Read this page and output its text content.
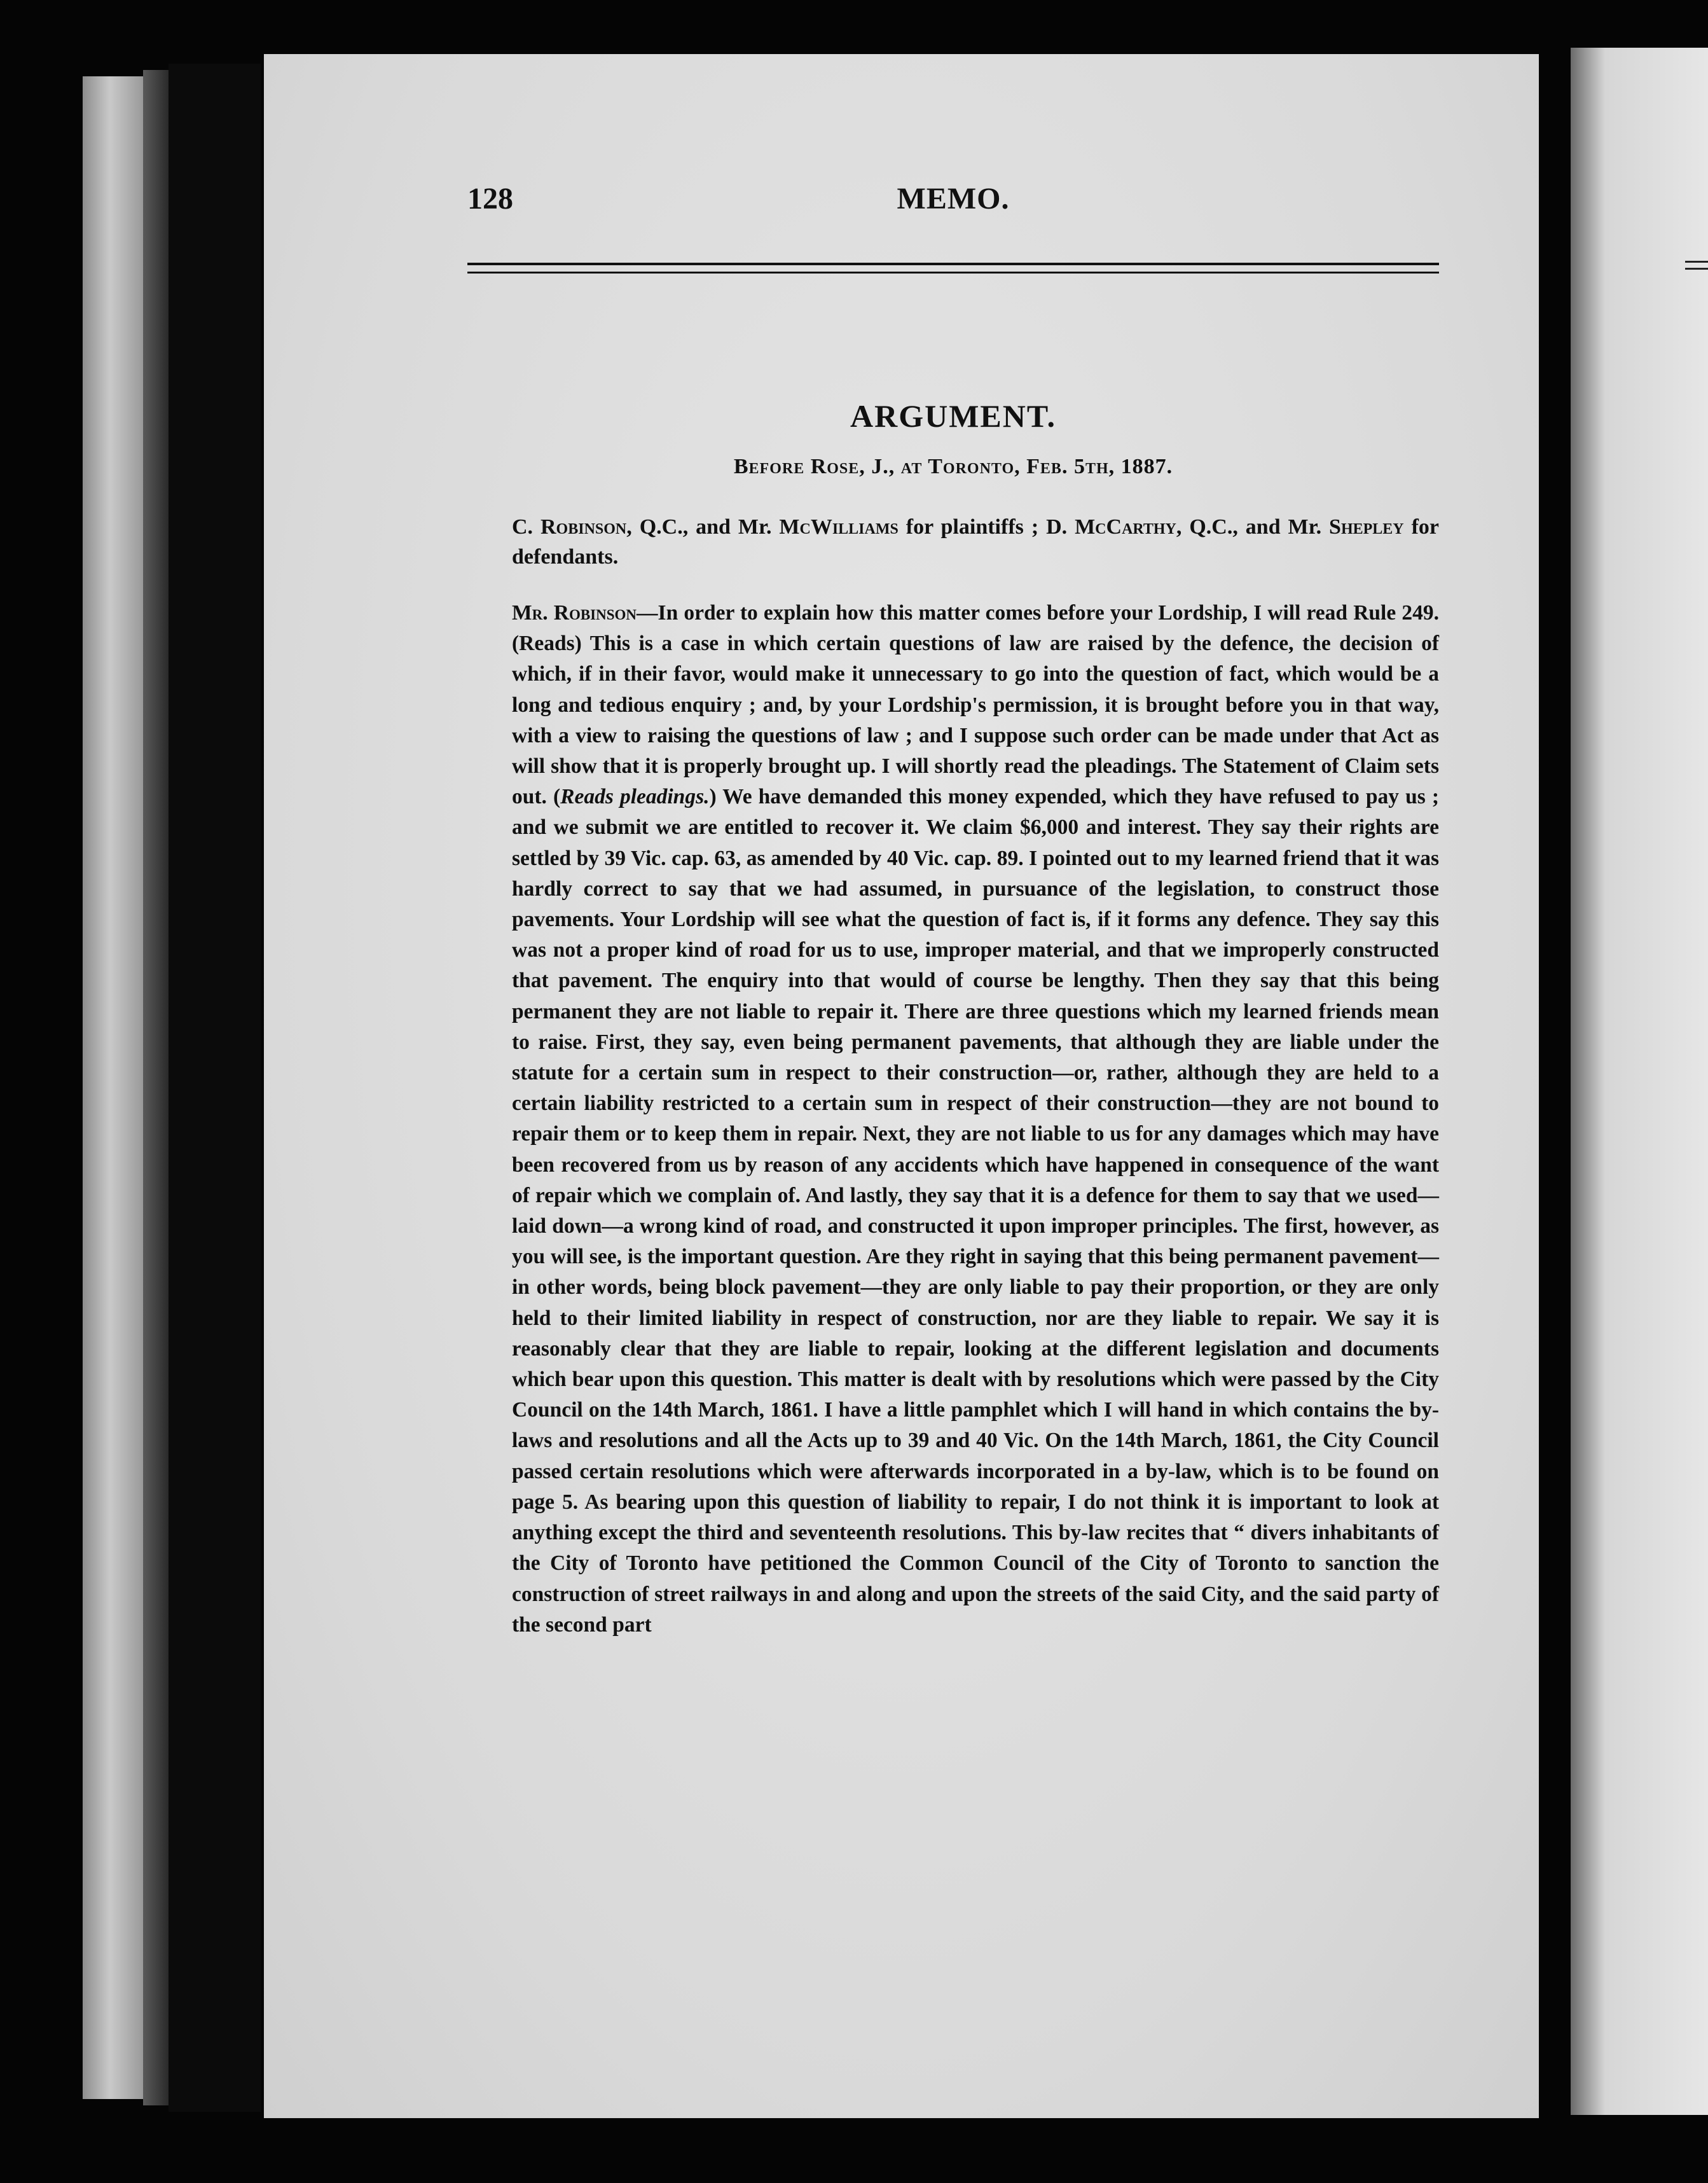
128	MEMO.
ARGUMENT.
Before Rose, J., at Toronto, Feb. 5th, 1887.
C. Robinson, Q.C., and Mr. McWilliams for plaintiffs ; D. McCarthy, Q.C., and Mr. Shepley for defendants.
Mr. Robinson—In order to explain how this matter comes before your Lordship, I will read Rule 249. (Reads) This is a case in which certain questions of law are raised by the defence, the decision of which, if in their favor, would make it unnecessary to go into the question of fact, which would be a long and tedious enquiry ; and, by your Lordship's permission, it is brought before you in that way, with a view to raising the questions of law ; and I suppose such order can be made under that Act as will show that it is properly brought up. I will shortly read the pleadings. The Statement of Claim sets out. (Reads pleadings.) We have demanded this money expended, which they have refused to pay us ; and we submit we are entitled to recover it. We claim $6,000 and interest. They say their rights are settled by 39 Vic. cap. 63, as amended by 40 Vic. cap. 89. I pointed out to my learned friend that it was hardly correct to say that we had assumed, in pursuance of the legislation, to construct those pavements. Your Lordship will see what the question of fact is, if it forms any defence. They say this was not a proper kind of road for us to use, improper material, and that we improperly constructed that pavement. The enquiry into that would of course be lengthy. Then they say that this being permanent they are not liable to repair it. There are three questions which my learned friends mean to raise. First, they say, even being permanent pavements, that although they are liable under the statute for a certain sum in respect to their construction—or, rather, although they are held to a certain liability restricted to a certain sum in respect of their construction—they are not bound to repair them or to keep them in repair. Next, they are not liable to us for any damages which may have been recovered from us by reason of any accidents which have happened in consequence of the want of repair which we complain of. And lastly, they say that it is a defence for them to say that we used—laid down—a wrong kind of road, and constructed it upon improper principles. The first, however, as you will see, is the important question. Are they right in saying that this being permanent pavement—in other words, being block pavement—they are only liable to pay their proportion, or they are only held to their limited liability in respect of construction, nor are they liable to repair. We say it is reasonably clear that they are liable to repair, looking at the different legislation and documents which bear upon this question. This matter is dealt with by resolutions which were passed by the City Council on the 14th March, 1861. I have a little pamphlet which I will hand in which contains the by-laws and resolutions and all the Acts up to 39 and 40 Vic. On the 14th March, 1861, the City Council passed certain resolutions which were afterwards incorporated in a by-law, which is to be found on page 5. As bearing upon this question of liability to repair, I do not think it is important to look at anything except the third and seventeenth resolutions. This by-law recites that “ divers inhabitants of the City of Toronto have petitioned the Common Council of the City of Toronto to sanction the construction of street railways in and along and upon the streets of the said City, and the said party of the second part
